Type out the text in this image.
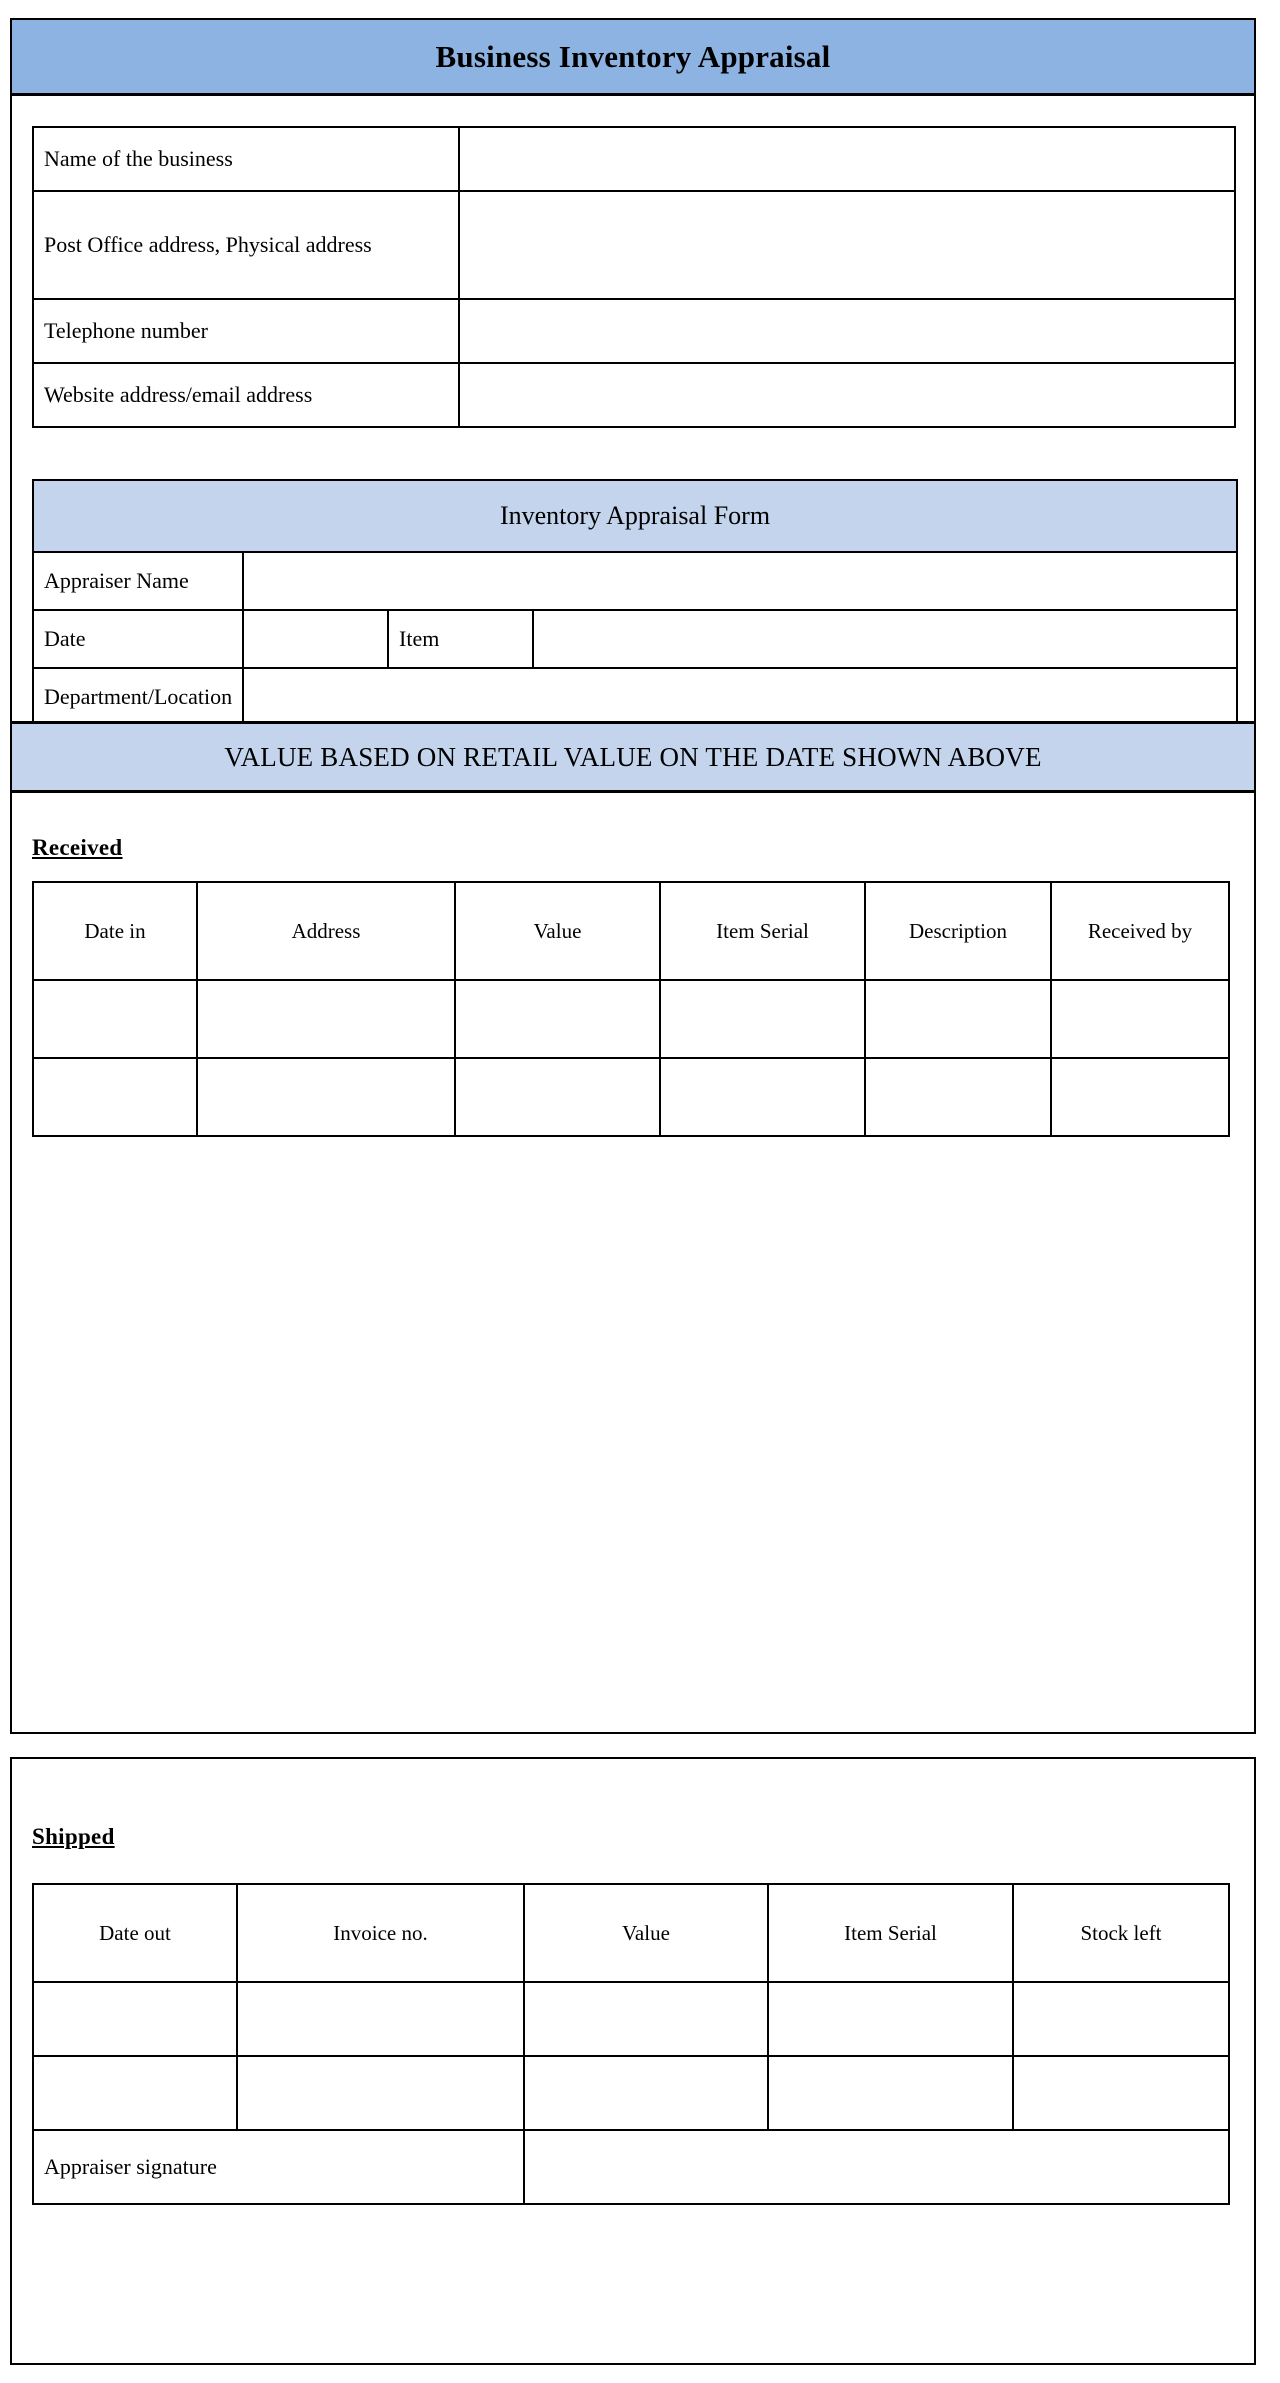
Business Inventory Appraisal
Name of the business	
Post Office address, Physical address	
Telephone number	
Website address/email address	
Inventory Appraisal Form			
Appraiser Name			
Date		Item	
Department/Location			
VALUE BASED ON RETAIL VALUE ON THE DATE SHOWN ABOVE
Received
Date in	Address	Value	Item Serial	Description	Received by

Shipped
Date out	Invoice no.	Value	Item Serial	Stock left

Appraiser signature				
